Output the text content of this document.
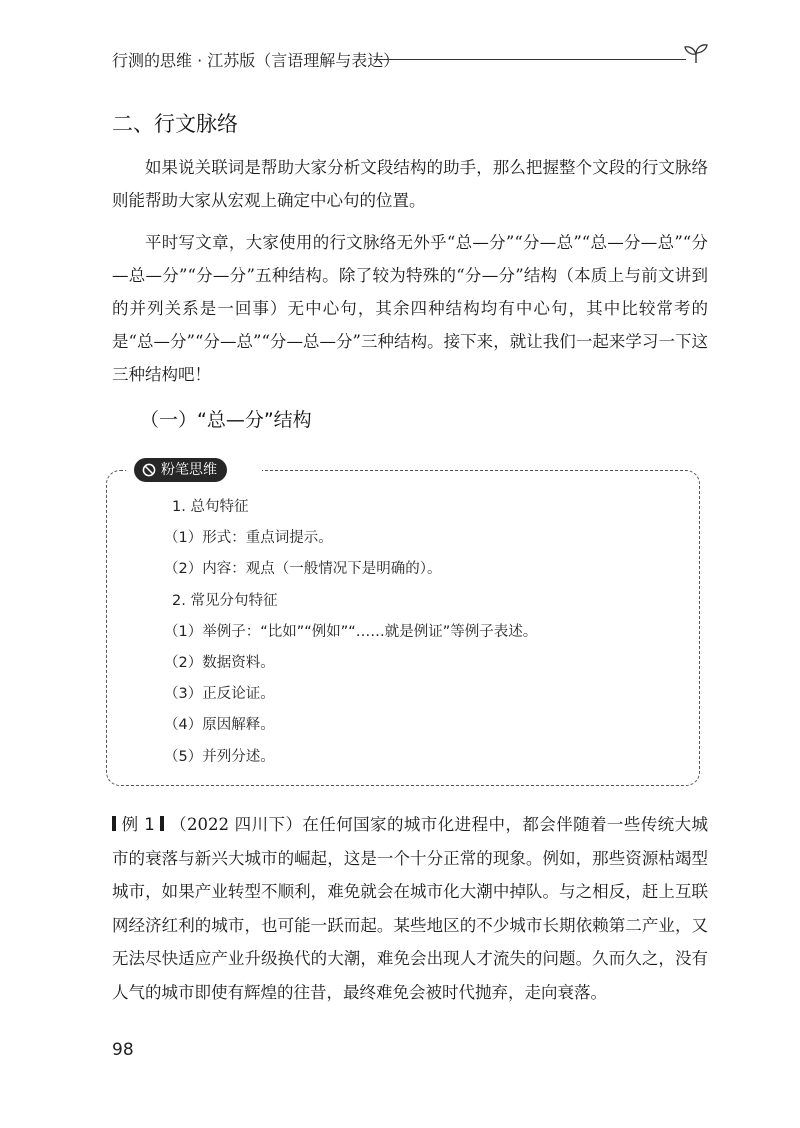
行测的思维 · 江苏版（言语理解与表达）
二、行文脉络

如果说关联词是帮助大家分析文段结构的助手，那么把握整个文段的行文脉络则能帮助大家从宏观上确定中心句的位置。

平时写文章，大家使用的行文脉络无外乎“总—分”“分—总”“总—分—总”“分—总—分”“分—分”五种结构。除了较为特殊的“分—分”结构（本质上与前文讲到的并列关系是一回事）无中心句，其余四种结构均有中心句，其中比较常考的是“总—分”“分—总”“分—总—分”三种结构。接下来，就让我们一起来学习一下这三种结构吧！

（一）“总—分”结构
粉笔思维
1. 总句特征
（1）形式：重点词提示。
（2）内容：观点（一般情况下是明确的）。
2. 常见分句特征
（1）举例子：“比如”“例如”“……就是例证”等例子表述。
（2）数据资料。
（3）正反论证。
（4）原因解释。
（5）并列分述。

例 1 （2022 四川下）在任何国家的城市化进程中，都会伴随着一些传统大城市的衰落与新兴大城市的崛起，这是一个十分正常的现象。例如，那些资源枯竭型城市，如果产业转型不顺利，难免就会在城市化大潮中掉队。与之相反，赶上互联网经济红利的城市，也可能一跃而起。某些地区的不少城市长期依赖第二产业，又无法尽快适应产业升级换代的大潮，难免会出现人才流失的问题。久而久之，没有人气的城市即使有辉煌的往昔，最终难免会被时代抛弃，走向衰落。

98
